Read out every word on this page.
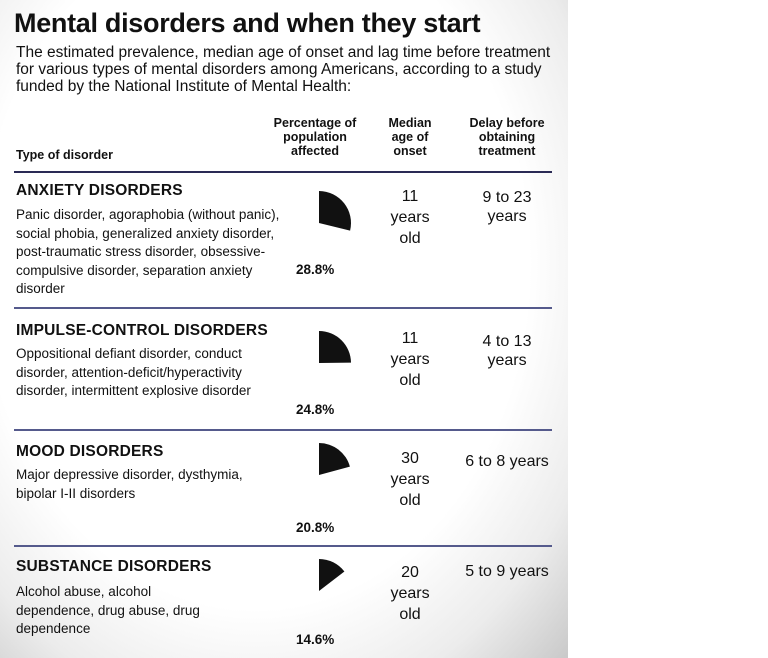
Mental disorders and when they start
The estimated prevalence, median age of onset and lag time before treatment for various types of mental disorders among Americans, according to a study funded by the National Institute of Mental Health:
Type of disorder
Percentage of population affected
Median age of onset
Delay before obtaining treatment
ANXIETY DISORDERS
Panic disorder, agoraphobia (without panic), social phobia, generalized anxiety disorder, post-traumatic stress disorder, obsessive-compulsive disorder, separation anxiety disorder
28.8%
11 years old
9 to 23 years
IMPULSE-CONTROL DISORDERS
Oppositional defiant disorder, conduct disorder, attention-deficit/hyperactivity disorder, intermittent explosive disorder
24.8%
11 years old
4 to 13 years
MOOD DISORDERS
Major depressive disorder, dysthymia, bipolar I-II disorders
20.8%
30 years old
6 to 8 years
SUBSTANCE DISORDERS
Alcohol abuse, alcohol dependence, drug abuse, drug dependence
14.6%
20 years old
5 to 9 years
